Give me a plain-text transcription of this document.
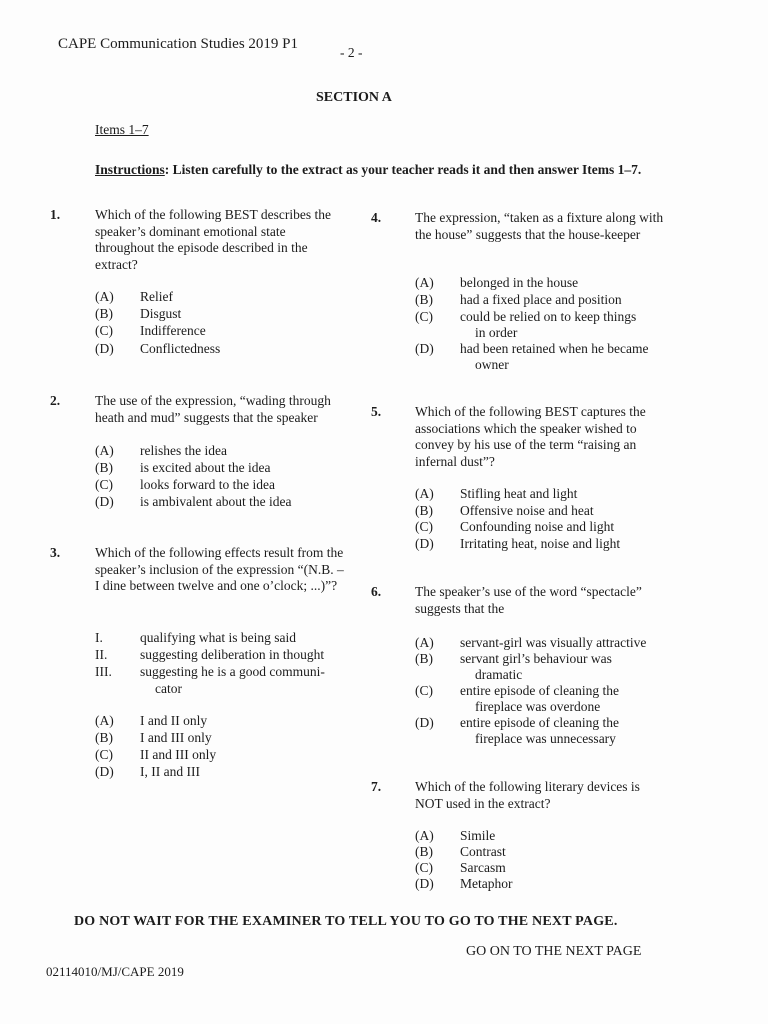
CAPE Communication Studies 2019 P1
- 2 -
SECTION A
Items 1–7
Instructions: Listen carefully to the extract as your teacher reads it and then answer Items 1–7.
1.	Which of the following BEST describes the speaker’s dominant emotional state throughout the episode described in the extract?
(A) Relief
(B) Disgust
(C) Indifference
(D) Conflictedness
2.	The use of the expression, “wading through heath and mud” suggests that the speaker
(A) relishes the idea
(B) is excited about the idea
(C) looks forward to the idea
(D) is ambivalent about the idea
3.	Which of the following effects result from the speaker’s inclusion of the expression “(N.B. – I dine between twelve and one o’clock; ...)”?
I.	qualifying what is being said
II. suggesting deliberation in thought
III. suggesting he is a good communi-
cator
(A) I and II only
(B) I and III only
(C) II and III only
(D) I, II and III
4.	The expression, “taken as a fixture along with the house” suggests that the house-keeper
(A) belonged in the house
(B) had a fixed place and position
(C) could be relied on to keep things
in order
(D) had been retained when he became
owner
5.	Which of the following BEST captures the associations which the speaker wished to convey by his use of the term “raising an infernal dust”?
(A) Stifling heat and light
(B) Offensive noise and heat
(C) Confounding noise and light
(D) Irritating heat, noise and light
6.	The speaker’s use of the word “spectacle” suggests that the
(A) servant-girl was visually attractive
(B) servant girl’s behaviour was
dramatic
(C) entire episode of cleaning the
fireplace was overdone
(D) entire episode of cleaning the
fireplace was unnecessary
7.	Which of the following literary devices is NOT used in the extract?
(A) Simile
(B) Contrast
(C) Sarcasm
(D) Metaphor
DO NOT WAIT FOR THE EXAMINER TO TELL YOU TO GO TO THE NEXT PAGE.
GO ON TO THE NEXT PAGE
02114010/MJ/CAPE 2019
